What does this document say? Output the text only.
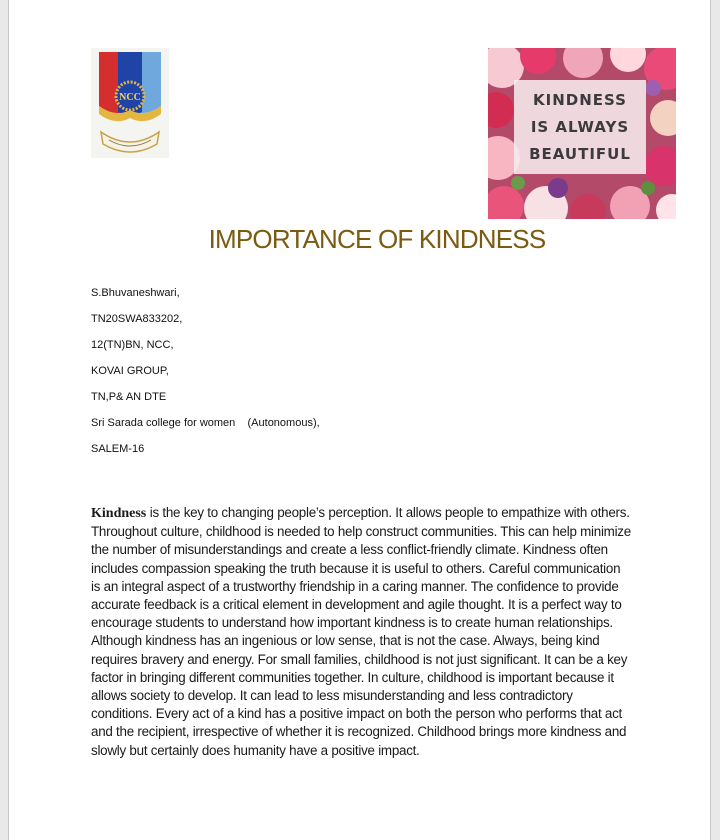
NCC	KINDNESS
IS ALWAYS
BEAUTIFUL
IMPORTANCE OF KINDNESS
S.Bhuvaneshwari,
TN20SWA833202,
12(TN)BN, NCC,
KOVAI GROUP,
TN,P& AN DTE
Sri Sarada college for women    (Autonomous),
SALEM-16
Kindness is the key to changing people’s perception. It allows people to empathize with others. Throughout culture, childhood is needed to help construct communities. This can help minimize the number of misunderstandings and create a less conflict-friendly climate. Kindness often includes compassion speaking the truth because it is useful to others. Careful communication is an integral aspect of a trustworthy friendship in a caring manner. The confidence to provide accurate feedback is a critical element in development and agile thought. It is a perfect way to encourage students to understand how important kindness is to create human relationships. Although kindness has an ingenious or low sense, that is not the case. Always, being kind requires bravery and energy. For small families, childhood is not just significant. It can be a key factor in bringing different communities together. In culture, childhood is important because it allows society to develop. It can lead to less misunderstanding and less contradictory conditions. Every act of a kind has a positive impact on both the person who performs that act and the recipient, irrespective of whether it is recognized. Childhood brings more kindness and slowly but certainly does humanity have a positive impact.
